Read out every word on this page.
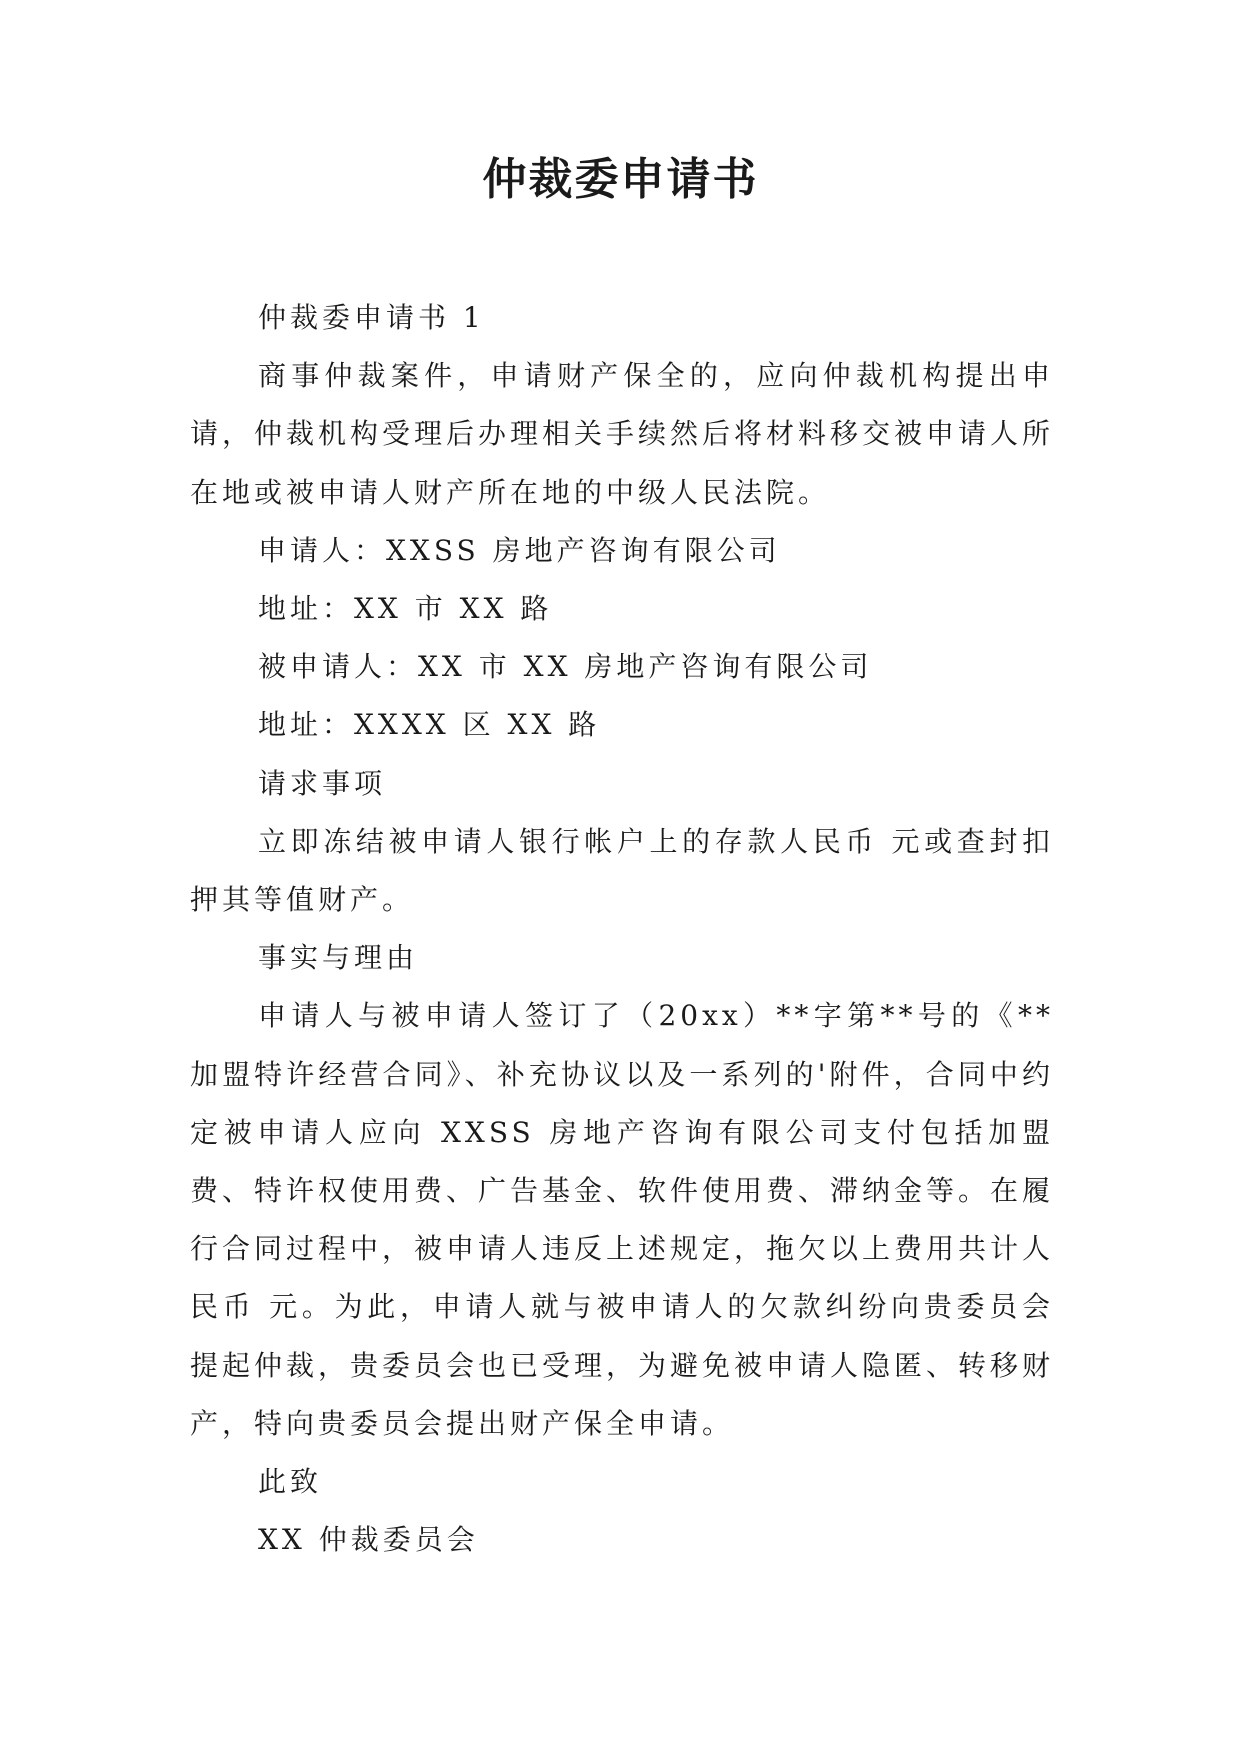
仲裁委申请书

仲裁委申请书 1

商事仲裁案件，申请财产保全的，应向仲裁机构提出申请，仲裁机构受理后办理相关手续然后将材料移交被申请人所在地或被申请人财产所在地的中级人民法院。

申请人：XXSS 房地产咨询有限公司

地址：XX 市 XX 路

被申请人：XX 市 XX 房地产咨询有限公司

地址：XXXX 区 XX 路

请求事项

立即冻结被申请人银行帐户上的存款人民币 元或查封扣押其等值财产。

事实与理由

申请人与被申请人签订了（20xx）**字第**号的《**加盟特许经营合同》、补充协议以及一系列的'附件，合同中约定被申请人应向 XXSS 房地产咨询有限公司支付包括加盟费、特许权使用费、广告基金、软件使用费、滞纳金等。在履行合同过程中，被申请人违反上述规定，拖欠以上费用共计人民币 元。为此，申请人就与被申请人的欠款纠纷向贵委员会提起仲裁，贵委员会也已受理，为避免被申请人隐匿、转移财产，特向贵委员会提出财产保全申请。

此致

XX 仲裁委员会
